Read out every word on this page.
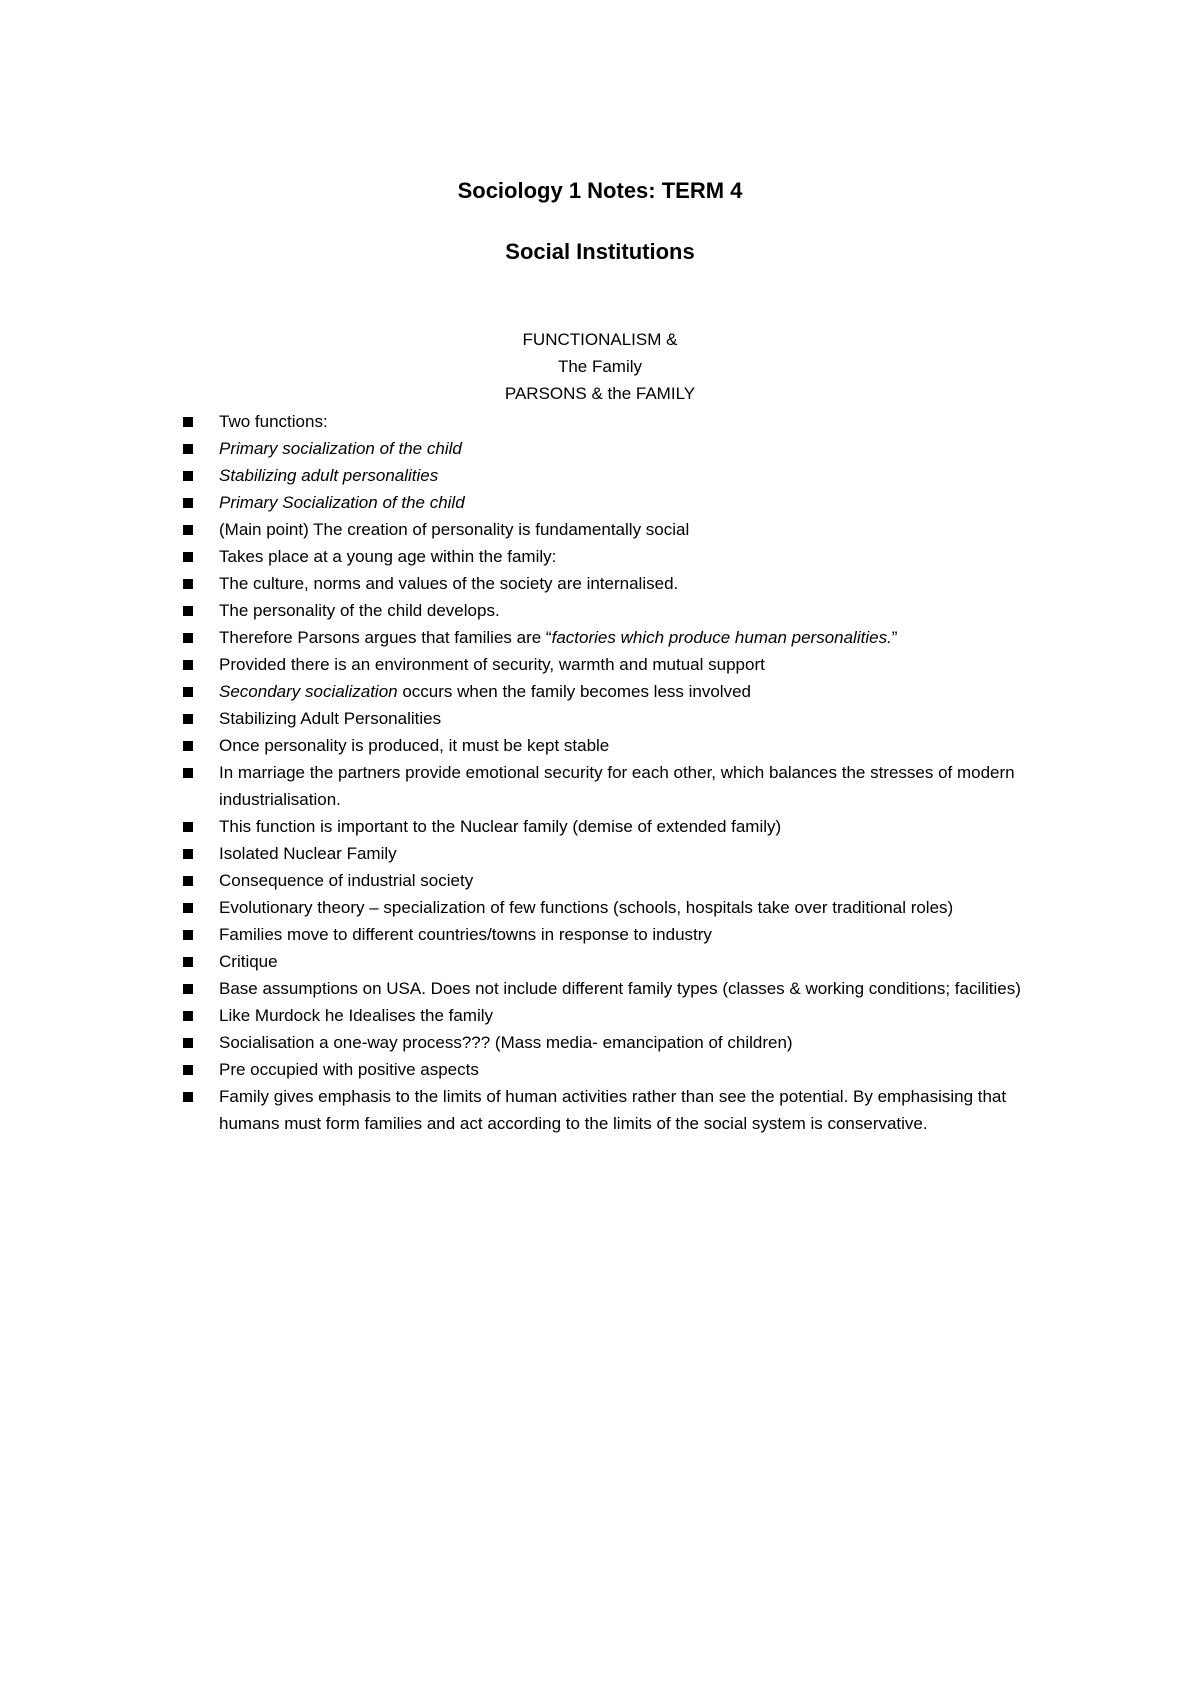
Sociology 1 Notes: TERM 4
Social Institutions
FUNCTIONALISM &
The Family
PARSONS & the FAMILY
Two functions:
Primary socialization of the child
Stabilizing adult personalities
Primary Socialization of the child
(Main point) The creation of personality is fundamentally social
Takes place at a young age within the family:
The culture, norms and values of the society are internalised.
The personality of the child develops.
Therefore Parsons argues that families are “factories which produce human personalities.”
Provided there is an environment of security, warmth and mutual support
Secondary socialization occurs when the family becomes less involved
Stabilizing Adult Personalities
Once personality is produced, it must be kept stable
In marriage the partners provide emotional security for each other, which balances the stresses of modern industrialisation.
This function is important to the Nuclear family (demise of extended family)
Isolated Nuclear Family
Consequence of industrial society
Evolutionary theory – specialization of few functions (schools, hospitals take over traditional roles)
Families move to different countries/towns in response to industry
Critique
Base assumptions on USA. Does not include different family types (classes & working conditions; facilities)
Like Murdock he Idealises the family
Socialisation a one-way process??? (Mass media- emancipation of children)
Pre occupied with positive aspects
Family gives emphasis to the limits of human activities rather than see the potential. By emphasising that humans must form families and act according to the limits of the social system is conservative.
